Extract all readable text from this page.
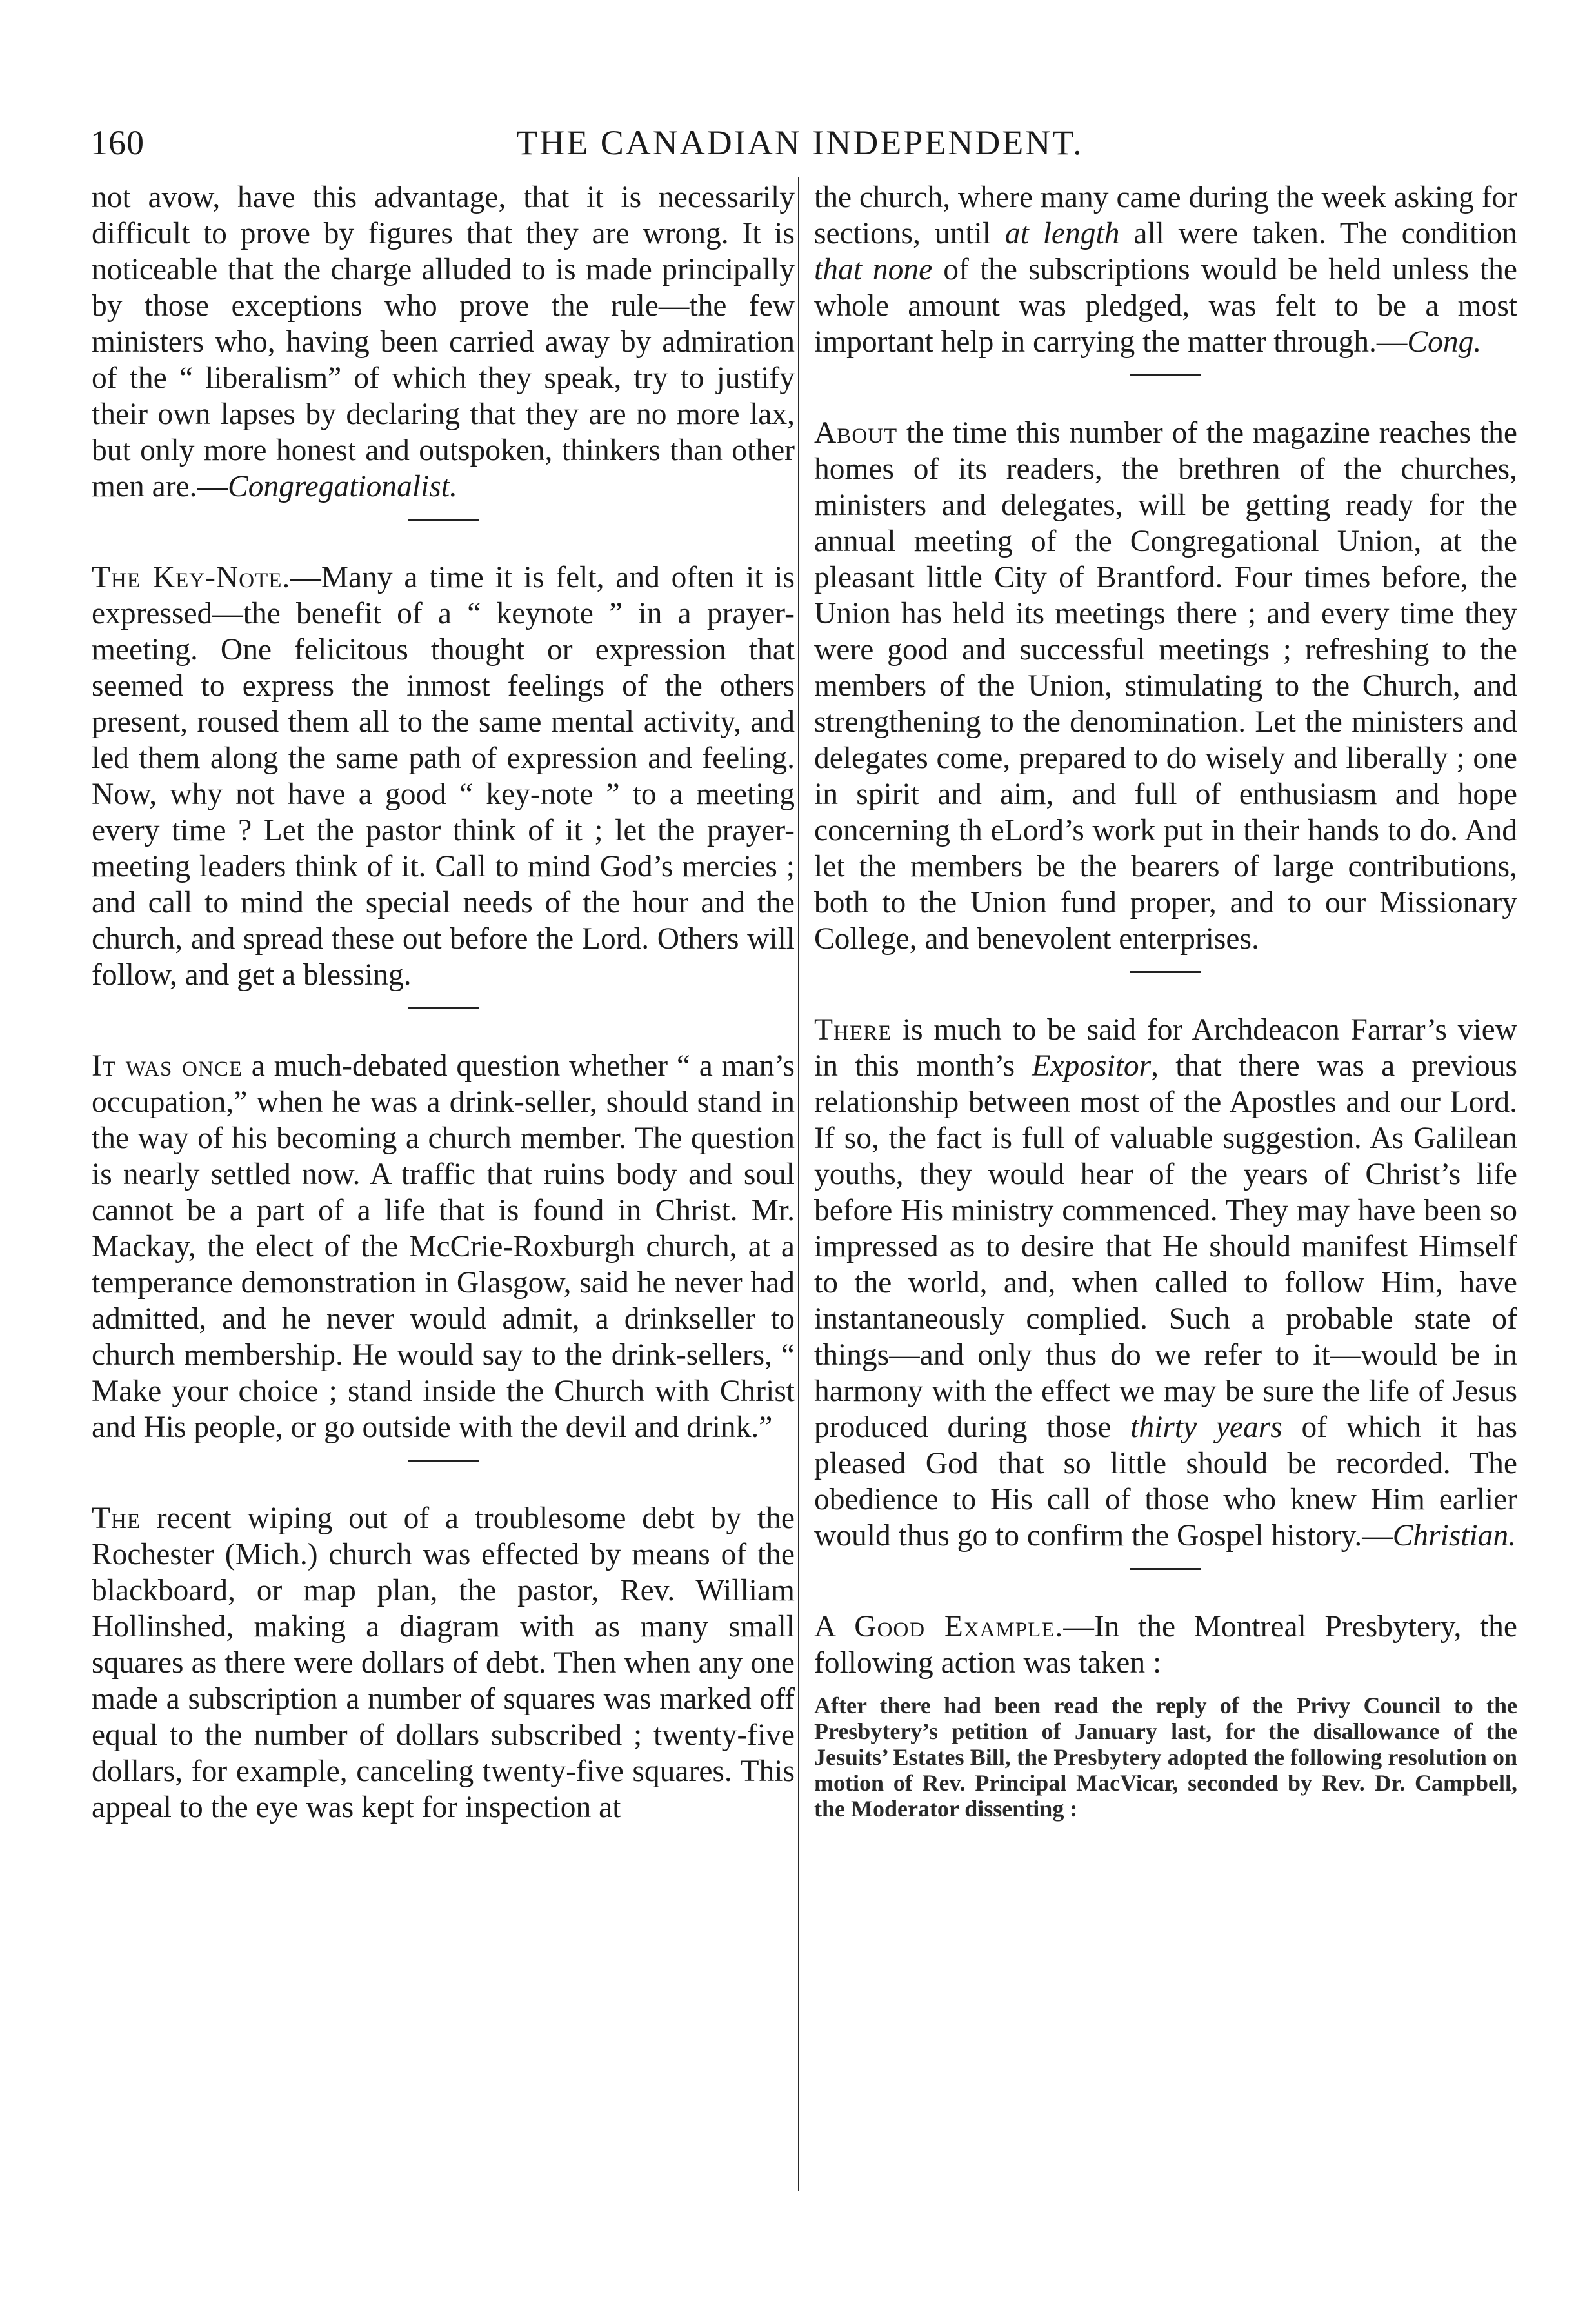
160	THE CANADIAN INDEPENDENT.

not avow, have this advantage, that it is necessarily difficult to prove by figures that they are wrong. It is noticeable that the charge alluded to is made principally by those exceptions who prove the rule—the few ministers who, having been carried away by admiration of the “ liberalism” of which they speak, try to justify their own lapses by declaring that they are no more lax, but only more honest and outspoken, thinkers than other men are.—Congregationalist.

The Key-Note.—Many a time it is felt, and often it is expressed—the benefit of a “ keynote ” in a prayer-meeting. One felicitous thought or expression that seemed to express the inmost feelings of the others present, roused them all to the same mental activity, and led them along the same path of expression and feeling. Now, why not have a good “ key-note ” to a meeting every time ? Let the pastor think of it ; let the prayer-meeting leaders think of it. Call to mind God’s mercies ; and call to mind the special needs of the hour and the church, and spread these out before the Lord. Others will follow, and get a blessing.

It was once a much-debated question whether “ a man’s occupation,” when he was a drink-seller, should stand in the way of his becoming a church member. The question is nearly settled now. A traffic that ruins body and soul cannot be a part of a life that is found in Christ. Mr. Mackay, the elect of the McCrie-Roxburgh church, at a temperance demonstration in Glasgow, said he never had admitted, and he never would admit, a drinkseller to church membership. He would say to the drink-sellers, “ Make your choice ; stand inside the Church with Christ and His people, or go outside with the devil and drink.”

The recent wiping out of a troublesome debt by the Rochester (Mich.) church was effected by means of the blackboard, or map plan, the pastor, Rev. William Hollinshed, making a diagram with as many small squares as there were dollars of debt. Then when any one made a subscription a number of squares was marked off equal to the number of dollars subscribed ; twenty-five dollars, for example, canceling twenty-five squares. This appeal to the eye was kept for inspection at

the church, where many came during the week asking for sections, until at length all were taken. The condition that none of the subscriptions would be held unless the whole amount was pledged, was felt to be a most important help in carrying the matter through.—Cong.

About the time this number of the magazine reaches the homes of its readers, the brethren of the churches, ministers and delegates, will be getting ready for the annual meeting of the Congregational Union, at the pleasant little City of Brantford. Four times before, the Union has held its meetings there ; and every time they were good and successful meetings ; refreshing to the members of the Union, stimulating to the Church, and strengthening to the denomination. Let the ministers and delegates come, prepared to do wisely and liberally ; one in spirit and aim, and full of enthusiasm and hope concerning th eLord’s work put in their hands to do. And let the members be the bearers of large contributions, both to the Union fund proper, and to our Missionary College, and benevolent enterprises.

There is much to be said for Archdeacon Farrar’s view in this month’s Expositor, that there was a previous relationship between most of the Apostles and our Lord. If so, the fact is full of valuable suggestion. As Galilean youths, they would hear of the years of Christ’s life before His ministry commenced. They may have been so impressed as to desire that He should manifest Himself to the world, and, when called to follow Him, have instantaneously complied. Such a probable state of things—and only thus do we refer to it—would be in harmony with the effect we may be sure the life of Jesus produced during those thirty years of which it has pleased God that so little should be recorded. The obedience to His call of those who knew Him earlier would thus go to confirm the Gospel history.—Christian.

A Good Example.—In the Montreal Presbytery, the following action was taken :

After there had been read the reply of the Privy Council to the Presbytery’s petition of January last, for the disallowance of the Jesuits’ Estates Bill, the Presbytery adopted the following resolution on motion of Rev. Principal MacVicar, seconded by Rev. Dr. Campbell, the Moderator dissenting :
